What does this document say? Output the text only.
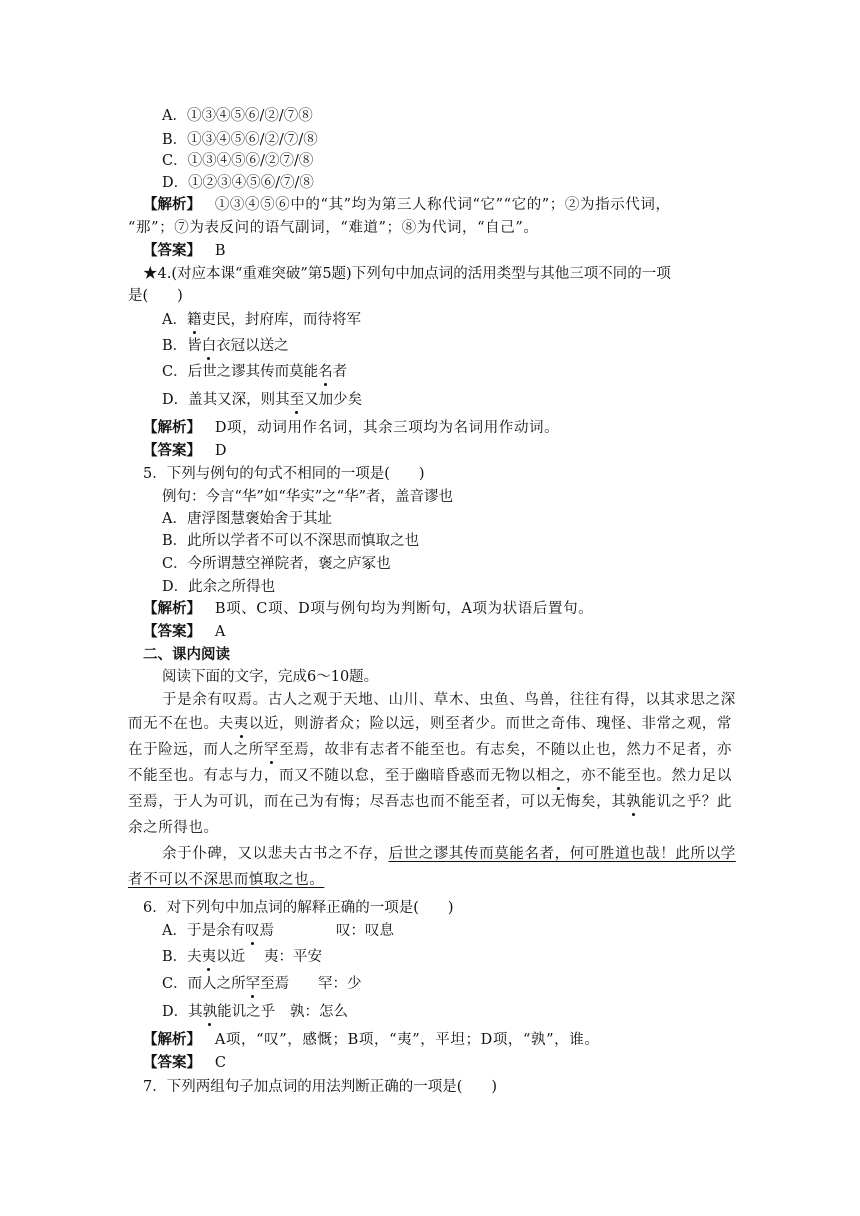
A．①③④⑤⑥/②/⑦⑧
B．①③④⑤⑥/②/⑦/⑧
C．①③④⑤⑥/②⑦/⑧
D．①②③④⑤⑥/⑦/⑧
【解析】 ①③④⑤⑥中的“其”均为第三人称代词“它”“它的”；②为指示代词，
“那”；⑦为表反问的语气副词，“难道”；⑧为代词，“自己”。
【答案】 B
★4.(对应本课“重难突破”第5题)下列句中加点词的活用类型与其他三项不同的一项
是(　　)
A．籍吏民，封府库，而待将军
B．皆白衣冠以送之
C．后世之谬其传而莫能名者
D．盖其又深，则其至又加少矣
【解析】 D项，动词用作名词，其余三项均为名词用作动词。
【答案】 D
5．下列与例句的句式不相同的一项是(　　)
例句：今言“华”如“华实”之“华”者，盖音谬也
A．唐浮图慧褒始舍于其址
B．此所以学者不可以不深思而慎取之也
C．今所谓慧空禅院者，褒之庐冢也
D．此余之所得也
【解析】 B项、C项、D项与例句均为判断句，A项为状语后置句。
【答案】 A
二、课内阅读
阅读下面的文字，完成6～10题。
于是余有叹焉。古人之观于天地、山川、草木、虫鱼、鸟兽，往往有得，以其求思之深
而无不在也。夫夷以近，则游者众；险以远，则至者少。而世之奇伟、瑰怪、非常之观，常
在于险远，而人之所罕至焉，故非有志者不能至也。有志矣，不随以止也，然力不足者，亦
不能至也。有志与力，而又不随以怠，至于幽暗昏惑而无物以相之，亦不能至也。然力足以
至焉，于人为可讥，而在己为有悔；尽吾志也而不能至者，可以无悔矣，其孰能讥之乎？此
余之所得也。
余于仆碑，又以悲夫古书之不存，后世之谬其传而莫能名者，何可胜道也哉！此所以学
者不可以不深思而慎取之也。
6．对下列句中加点词的解释正确的一项是(　　)
A．于是余有叹焉	叹：叹息
B．夫夷以近 夷：平安
C．而人之所罕至焉 罕：少
D．其孰能讥之乎 孰：怎么
【解析】 A项，“叹”，感慨；B项，“夷”，平坦；D项，“孰”，谁。
【答案】 C
7．下列两组句子加点词的用法判断正确的一项是(　　)
